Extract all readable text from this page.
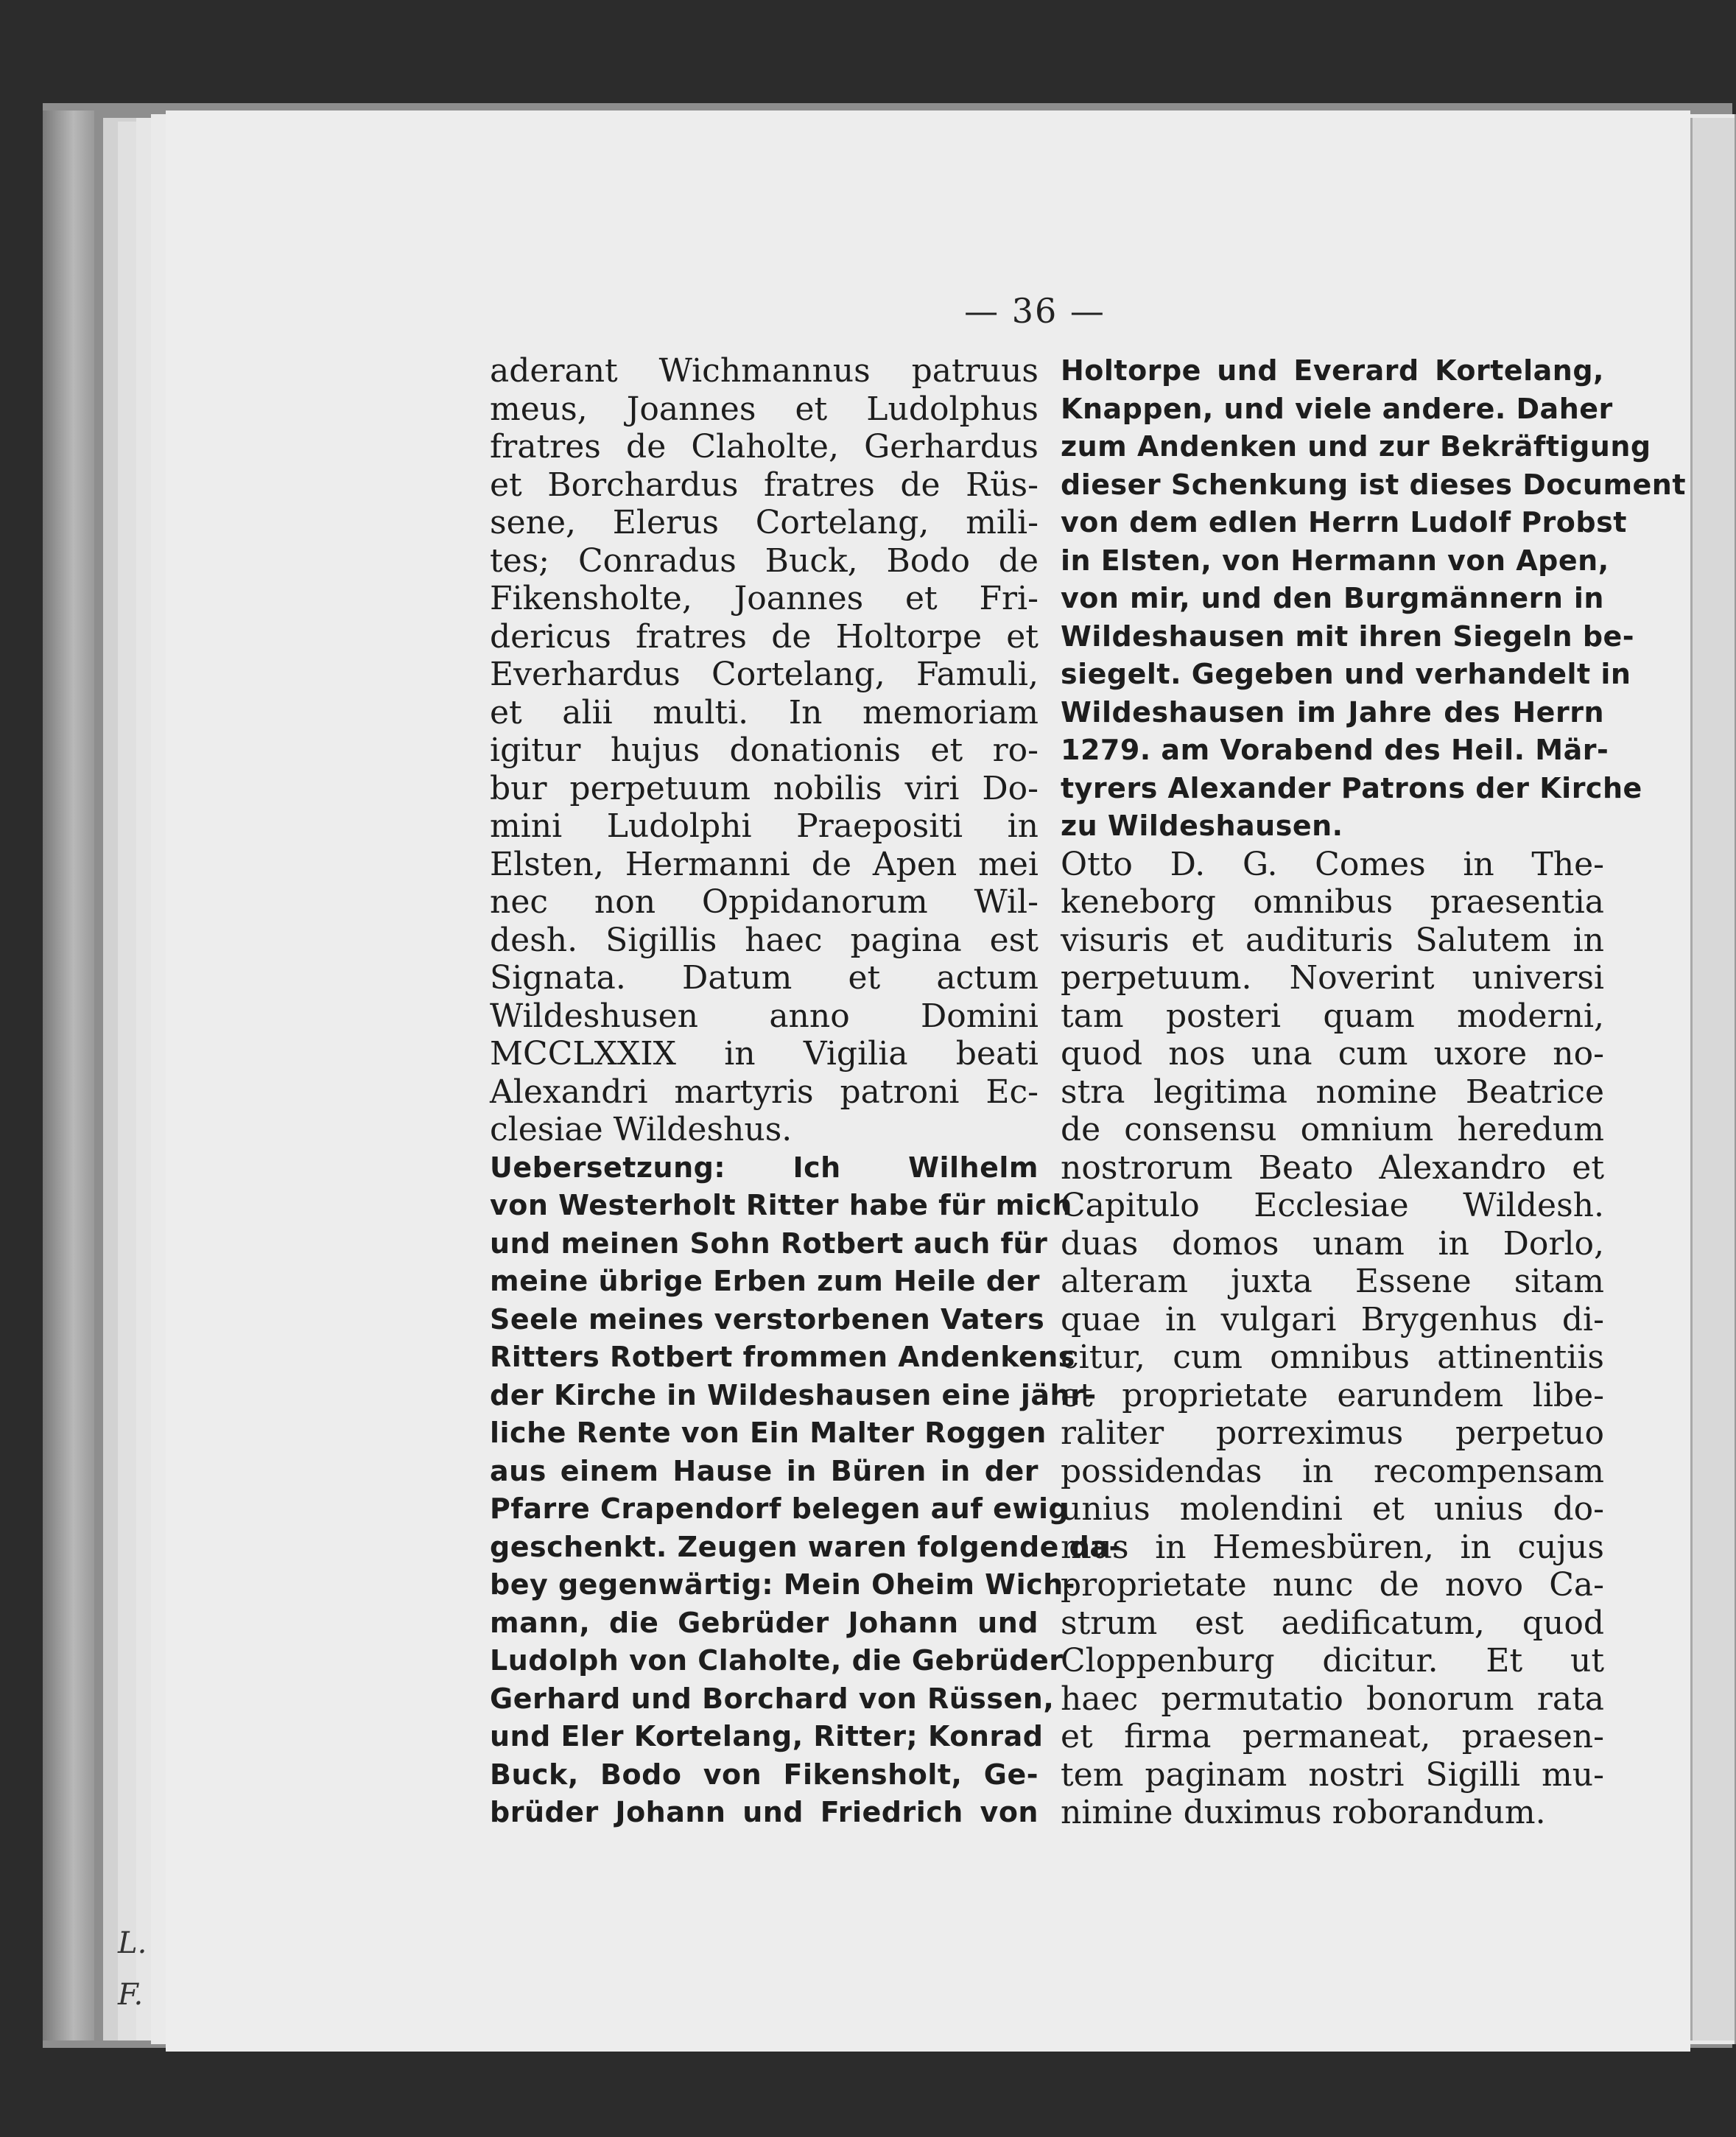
L.
F.
— 36 —
aderant Wichmannus patruus
meus, Joannes et Ludolphus
fratres de Claholte, Gerhardus
et Borchardus fratres de Rüs-
sene, Elerus Cortelang, mili-
tes; Conradus Buck, Bodo de
Fikensholte, Joannes et Fri-
dericus fratres de Holtorpe et
Everhardus Cortelang, Famuli,
et alii multi. In memoriam
igitur hujus donationis et ro-
bur perpetuum nobilis viri Do-
mini Ludolphi Praepositi in
Elsten, Hermanni de Apen mei
nec non Oppidanorum Wil-
desh. Sigillis haec pagina est
Signata. Datum et actum
Wildeshusen anno Domini
MCCLXXIX in Vigilia beati
Alexandri martyris patroni Ec-
clesiae Wildeshus.
Uebersetzung: Ich Wilhelm
von Westerholt Ritter habe für mich
und meinen Sohn Rotbert auch für
meine übrige Erben zum Heile der
Seele meines verstorbenen Vaters
Ritters Rotbert frommen Andenkens
der Kirche in Wildeshausen eine jähr-
liche Rente von Ein Malter Roggen
aus einem Hause in Büren in der
Pfarre Crapendorf belegen auf ewig
geschenkt. Zeugen waren folgende da-
bey gegenwärtig: Mein Oheim Wich-
mann, die Gebrüder Johann und
Ludolph von Claholte, die Gebrüder
Gerhard und Borchard von Rüssen,
und Eler Kortelang, Ritter; Konrad
Buck, Bodo von Fikensholt, Ge-
brüder Johann und Friedrich von
Holtorpe und Everard Kortelang,
Knappen, und viele andere. Daher
zum Andenken und zur Bekräftigung
dieser Schenkung ist dieses Document
von dem edlen Herrn Ludolf Probst
in Elsten, von Hermann von Apen,
von mir, und den Burgmännern in
Wildeshausen mit ihren Siegeln be-
siegelt. Gegeben und verhandelt in
Wildeshausen im Jahre des Herrn
1279. am Vorabend des Heil. Mär-
tyrers Alexander Patrons der Kirche
zu Wildeshausen.
Otto D. G. Comes in The-
keneborg omnibus praesentia
visuris et audituris Salutem in
perpetuum. Noverint universi
tam posteri quam moderni,
quod nos una cum uxore no-
stra legitima nomine Beatrice
de consensu omnium heredum
nostrorum Beato Alexandro et
Capitulo Ecclesiae Wildesh.
duas domos unam in Dorlo,
alteram juxta Essene sitam
quae in vulgari Brygenhus di-
citur, cum omnibus attinentiis
et proprietate earundem libe-
raliter porreximus perpetuo
possidendas in recompensam
unius molendini et unius do-
mus in Hemesbüren, in cujus
proprietate nunc de novo Ca-
strum est aedificatum, quod
Cloppenburg dicitur. Et ut
haec permutatio bonorum rata
et firma permaneat, praesen-
tem paginam nostri Sigilli mu-
nimine duximus roborandum.
